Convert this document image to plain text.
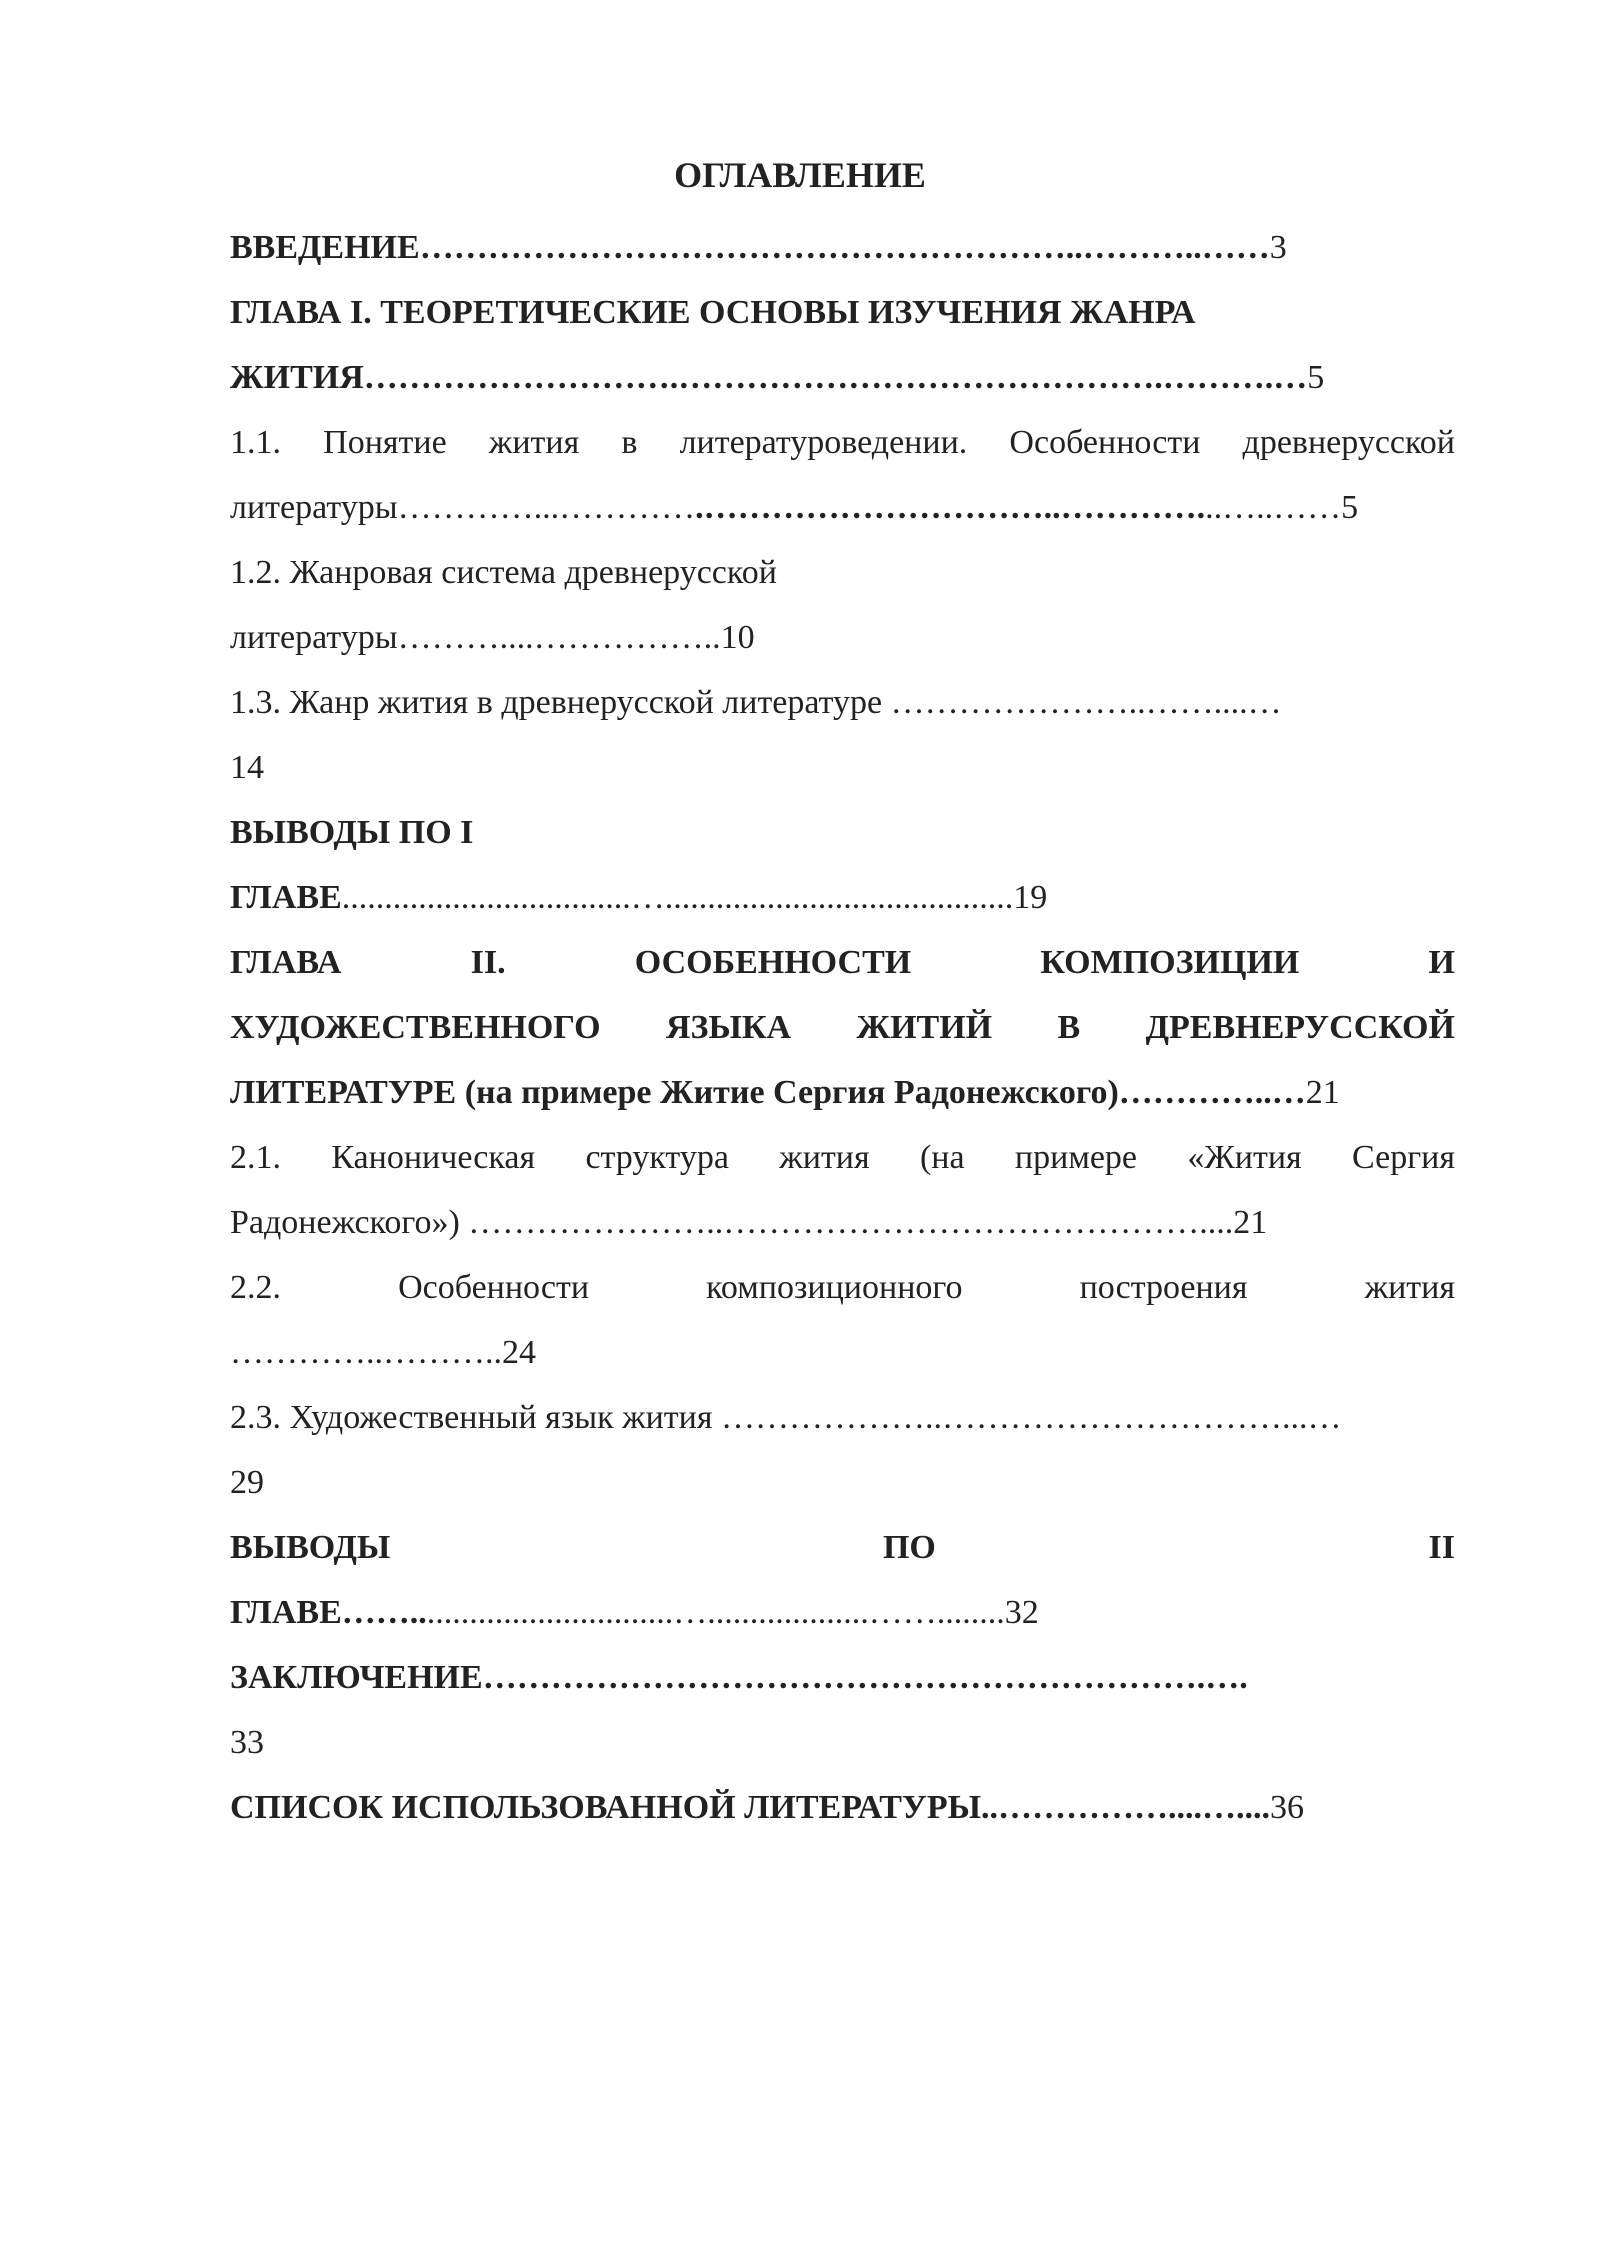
ОГЛАВЛЕНИЕ
ВВЕДЕНИЕ…………………………………………………..………..……3
ГЛАВА I. ТЕОРЕТИЧЕСКИЕ ОСНОВЫ ИЗУЧЕНИЯ ЖАНРА
ЖИТИЯ……………………….…………………………………….……….…5
1.1. Понятие жития в литературоведении. Особенности древнерусской
литературы…………...………….…………………………..…………...…..……5
1.2. Жанровая система древнерусской
литературы………....……………..10
1.3. Жанр жития в древнерусской литературе …………………..……....…
14
ВЫВОДЫ ПО I
ГЛАВЕ..................................….........................................19
ГЛАВА	II.	ОСОБЕННОСТИ	КОМПОЗИЦИИ	И
ХУДОЖЕСТВЕННОГО ЯЗЫКА ЖИТИЙ В ДРЕВНЕРУССКОЙ
ЛИТЕРАТУРЕ (на примере Житие Сергия Радонежского)…………..…21
2.1. Каноническая структура жития (на примере «Жития Сергия
Радонежского») …………………..……………………………………....21
2.2.	Особенности	композиционного	построения	жития
…………..………..24
2.3. Художественный язык жития ………………..…………………………...…
29
ВЫВОДЫ	ПО	II
ГЛАВЕ……...............................…...................……........32
ЗАКЛЮЧЕНИЕ……………………………………………………….….
33
СПИСОК ИСПОЛЬЗОВАННОЙ ЛИТЕРАТУРЫ..……………....…....36
